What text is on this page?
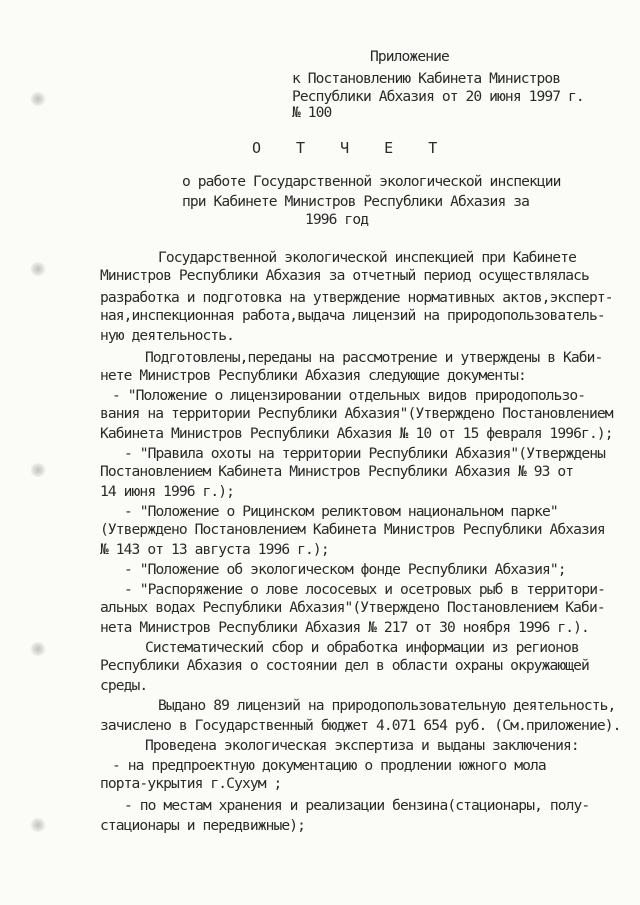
Приложение
к Постановлению Кабинета Министров
Республики Абхазия от 20 июня 1997 г.
№ 100
О Т Ч Е Т
о работе Государственной экологической инспекции
при Кабинете Министров Республики Абхазия за
1996 год
Государственной экологической инспекцией при Кабинете
Министров Республики Абхазия за отчетный период осуществлялась
разработка и подготовка на утверждение нормативных актов,эксперт-
ная,инспекционная работа,выдача лицензий на природопользователь-
ную деятельность.
Подготовлены,переданы на рассмотрение и утверждены в Каби-
нете Министров Республики Абхазия следующие документы:
- "Положение о лицензировании отдельных видов природопользо-
вания на территории Республики Абхазия"(Утверждено Постановлением
Кабинета Министров Республики Абхазия № 10 от 15 февраля 1996г.);
- "Правила охоты на территории Республики Абхазия"(Утверждены
Постановлением Кабинета Министров Республики Абхазия № 93 от
14 июня 1996 г.);
- "Положение о Рицинском реликтовом национальном парке"
(Утверждено Постановлением Кабинета Министров Республики Абхазия
№ 143 от 13 августа 1996 г.);
- "Положение об экологическом фонде Республики Абхазия";
- "Распоряжение о лове лососевых и осетровых рыб в территори-
альных водах Республики Абхазия"(Утверждено Постановлением Каби-
нета Министров Республики Абхазия № 217 от 30 ноября 1996 г.).
Систематический сбор и обработка информации из регионов
Республики Абхазия о состоянии дел в области охраны окружающей
среды.
Выдано 89 лицензий на природопользовательную деятельность,
зачислено в Государственный бюджет 4.071 654 руб. (См.приложение).
Проведена экологическая экспертиза и выданы заключения:
- на предпроектную документацию о продлении южного мола
порта-укрытия г.Сухум ;
- по местам хранения и реализации бензина(стационары, полу-
стационары и передвижные);
